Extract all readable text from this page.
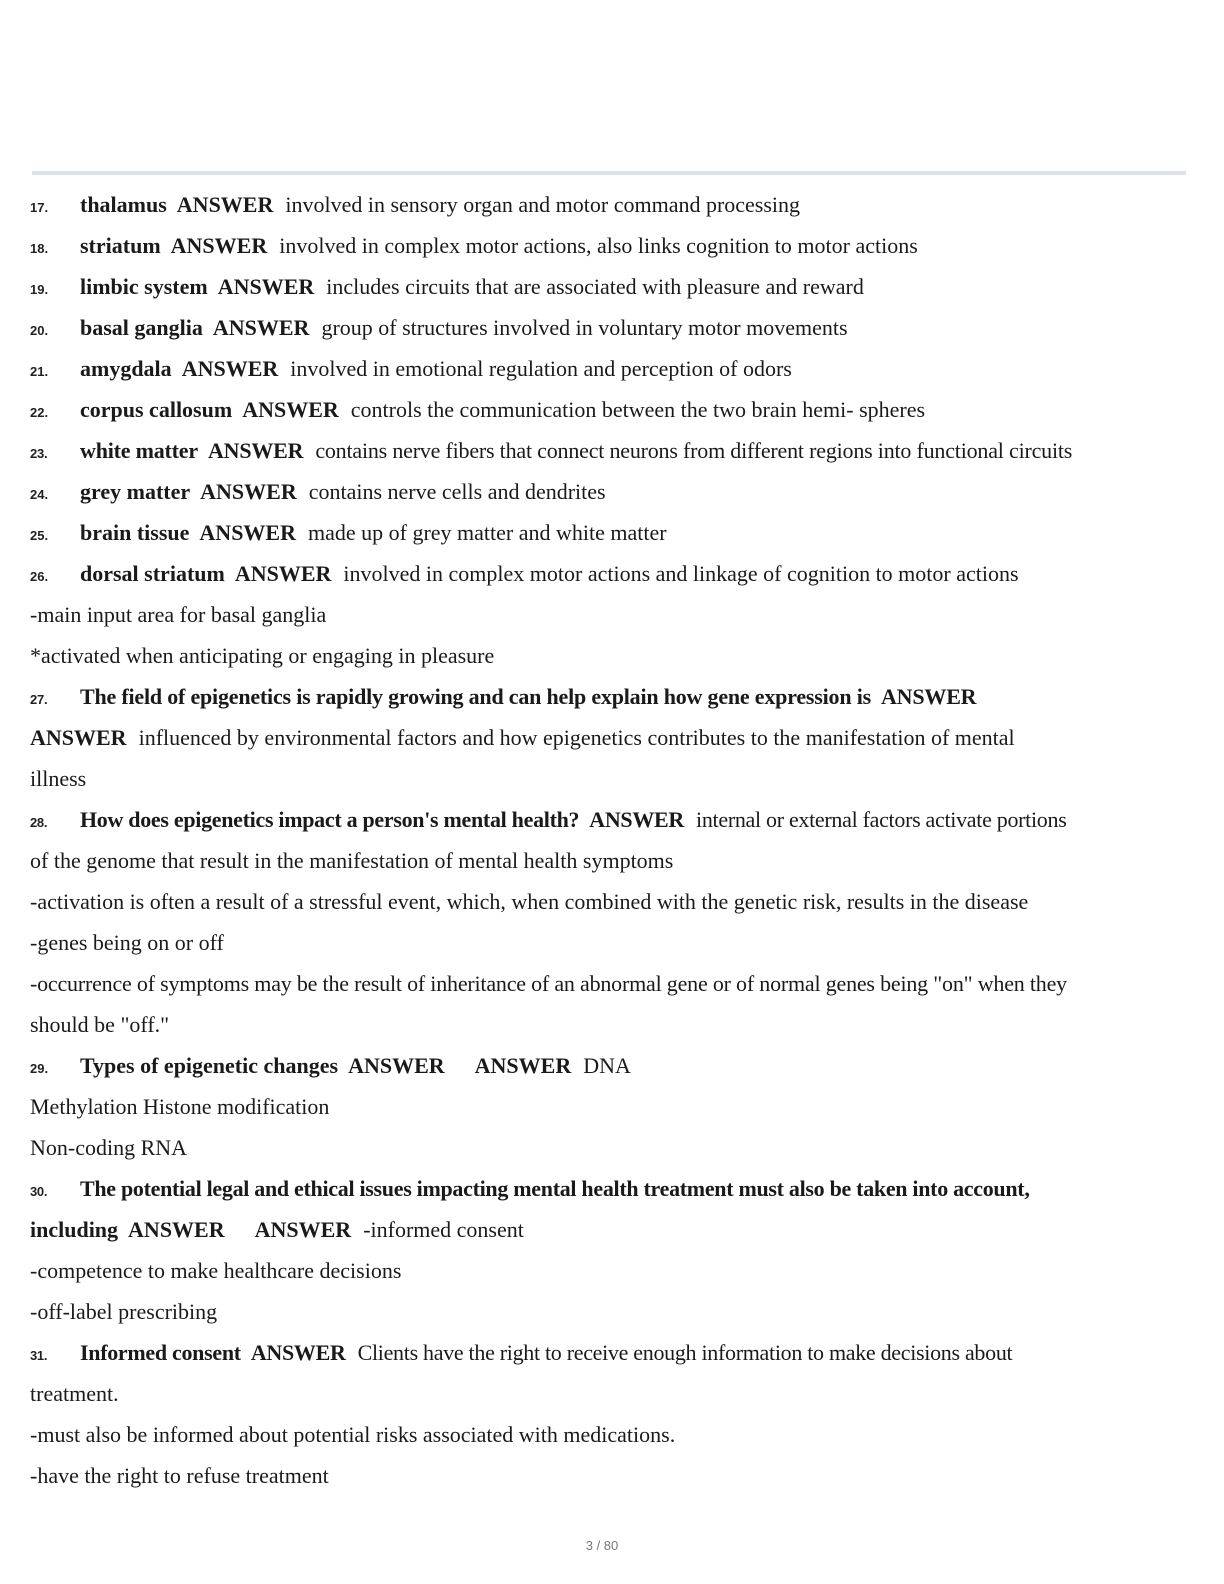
17. thalamus ANSWER involved in sensory organ and motor command processing
18. striatum ANSWER involved in complex motor actions, also links cognition to motor actions
19. limbic system ANSWER includes circuits that are associated with pleasure and reward
20. basal ganglia ANSWER group of structures involved in voluntary motor movements
21. amygdala ANSWER involved in emotional regulation and perception of odors
22. corpus callosum ANSWER controls the communication between the two brain hemi- spheres
23. white matter ANSWER contains nerve fibers that connect neurons from different regions into functional circuits
24. grey matter ANSWER contains nerve cells and dendrites
25. brain tissue ANSWER made up of grey matter and white matter
26. dorsal striatum ANSWER involved in complex motor actions and linkage of cognition to motor actions
-main input area for basal ganglia
*activated when anticipating or engaging in pleasure
27. The field of epigenetics is rapidly growing and can help explain how gene expression is ANSWER
ANSWER influenced by environmental factors and how epigenetics contributes to the manifestation of mental
illness
28. How does epigenetics impact a person's mental health? ANSWER internal or external factors activate portions
of the genome that result in the manifestation of mental health symptoms
-activation is often a result of a stressful event, which, when combined with the genetic risk, results in the disease
-genes being on or off
-occurrence of symptoms may be the result of inheritance of an abnormal gene or of normal genes being "on" when they
should be "off."
29. Types of epigenetic changes ANSWER ANSWER DNA
Methylation Histone modification
Non-coding RNA
30. The potential legal and ethical issues impacting mental health treatment must also be taken into account,
including ANSWER ANSWER -informed consent
-competence to make healthcare decisions
-off-label prescribing
31. Informed consent ANSWER Clients have the right to receive enough information to make decisions about
treatment.
-must also be informed about potential risks associated with medications.
-have the right to refuse treatment
3 / 80
